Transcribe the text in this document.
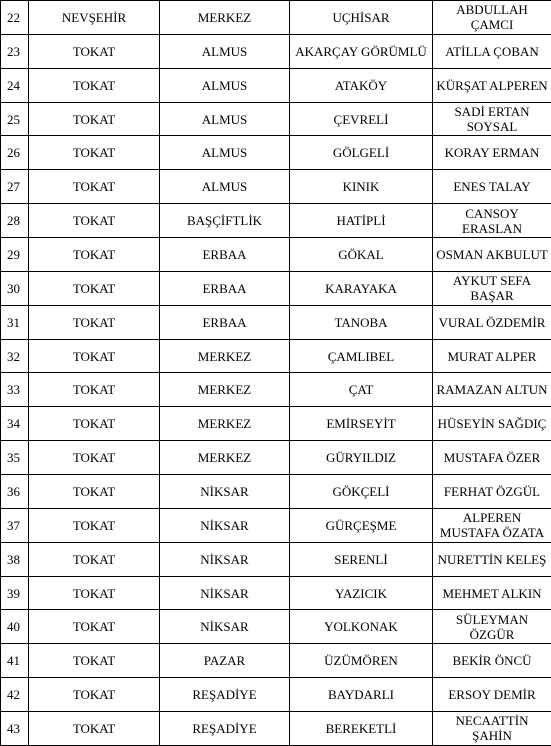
22	NEVŞEHİR	MERKEZ	UÇHİSAR	ABDULLAH ÇAMCI
23	TOKAT	ALMUS	AKARÇAY GÖRÜMLÜ	ATİLLA ÇOBAN
24	TOKAT	ALMUS	ATAKÖY	KÜRŞAT ALPEREN
25	TOKAT	ALMUS	ÇEVRELİ	SADİ ERTAN SOYSAL
26	TOKAT	ALMUS	GÖLGELİ	KORAY ERMAN
27	TOKAT	ALMUS	KINIK	ENES TALAY
28	TOKAT	BAŞÇİFTLİK	HATİPLİ	CANSOY ERASLAN
29	TOKAT	ERBAA	GÖKAL	OSMAN AKBULUT
30	TOKAT	ERBAA	KARAYAKA	AYKUT SEFA BAŞAR
31	TOKAT	ERBAA	TANOBA	VURAL ÖZDEMİR
32	TOKAT	MERKEZ	ÇAMLIBEL	MURAT ALPER
33	TOKAT	MERKEZ	ÇAT	RAMAZAN ALTUN
34	TOKAT	MERKEZ	EMİRSEYİT	HÜSEYİN SAĞDIÇ
35	TOKAT	MERKEZ	GÜRYILDIZ	MUSTAFA ÖZER
36	TOKAT	NİKSAR	GÖKÇELİ	FERHAT ÖZGÜL
37	TOKAT	NİKSAR	GÜRÇEŞME	ALPEREN MUSTAFA ÖZATA
38	TOKAT	NİKSAR	SERENLİ	NURETTİN KELEŞ
39	TOKAT	NİKSAR	YAZICIK	MEHMET ALKIN
40	TOKAT	NİKSAR	YOLKONAK	SÜLEYMAN ÖZGÜR
41	TOKAT	PAZAR	ÜZÜMÖREN	BEKİR ÖNCÜ
42	TOKAT	REŞADİYE	BAYDARLI	ERSOY DEMİR
43	TOKAT	REŞADİYE	BEREKETLİ	NECAATTİN ŞAHİN
